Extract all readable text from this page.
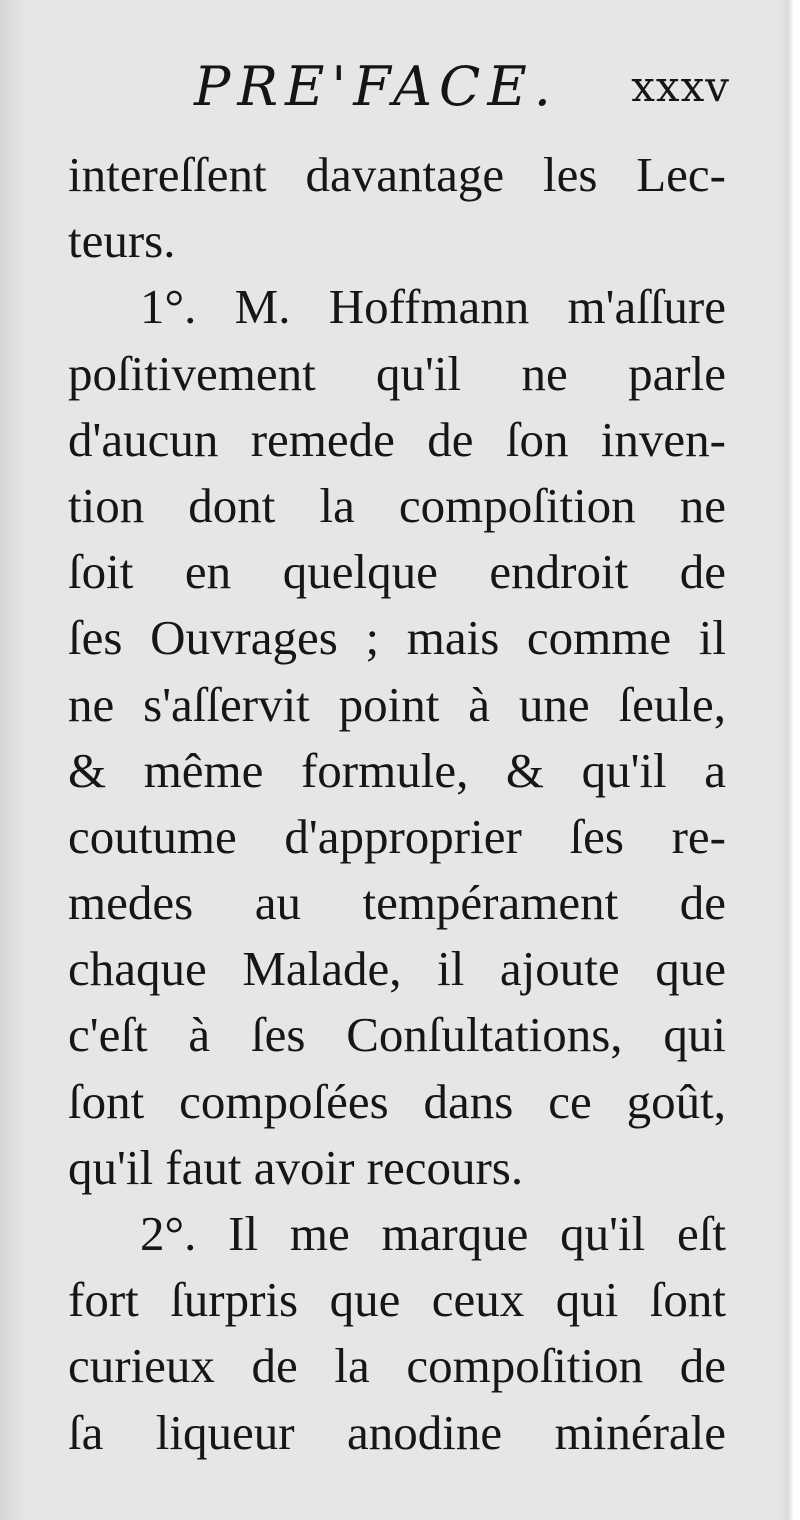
PRE'FACE. xxxv
intereſſent davantage les Lec-
teurs.
1°. M. Hoffmann m'aſſure
poſitivement qu'il ne parle
d'aucun remede de ſon inven-
tion dont la compoſition ne
ſoit en quelque endroit de
ſes Ouvrages ; mais comme il
ne s'aſſervit point à une ſeule,
& même formule, & qu'il a
coutume d'approprier ſes re-
medes au tempérament de
chaque Malade, il ajoute que
c'eſt à ſes Conſultations, qui
ſont compoſées dans ce goût,
qu'il faut avoir recours.
2°. Il me marque qu'il eſt
fort ſurpris que ceux qui ſont
curieux de la compoſition de
ſa liqueur anodine minérale
